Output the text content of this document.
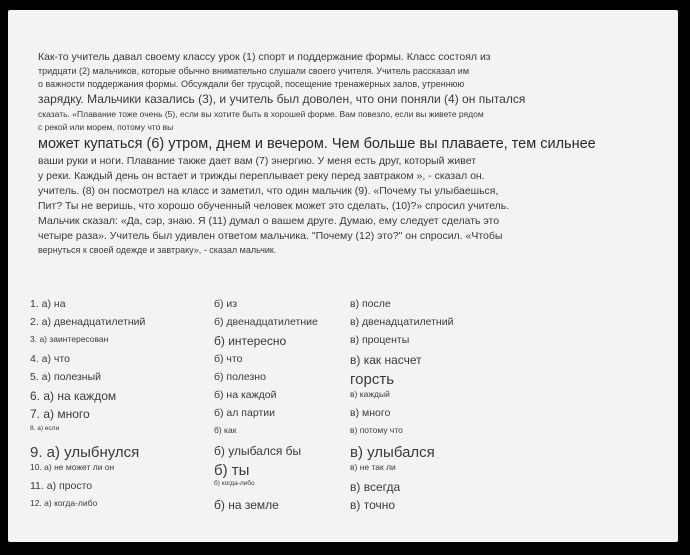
Как-то учитель давал своему классу урок (1) спорт и поддержание формы. Класс состоял из
тридцати (2) мальчиков, которые обычно внимательно слушали своего учителя. Учитель рассказал им
о важности поддержания формы. Обсуждали бег трусцой, посещение тренажерных залов, утреннюю
зарядку. Мальчики казались (3), и учитель был доволен, что они поняли (4) он пытался
сказать. «Плавание тоже очень (5), если вы хотите быть в хорошей форме. Вам повезло, если вы живете рядом
с рекой или морем, потому что вы
может купаться (6) утром, днем и вечером. Чем больше вы плаваете, тем сильнее
ваши руки и ноги. Плавание также дает вам (7) энергию. У меня есть друг, который живет
у реки. Каждый день он встает и трижды переплывает реку перед завтраком », - сказал он.
учитель. (8) он посмотрел на класс и заметил, что один мальчик (9). «Почему ты улыбаешься,
Пит? Ты не веришь, что хорошо обученный человек может это сделать, (10)?» спросил учитель.
Мальчик сказал: «Да, сэр, знаю. Я (11) думал о вашем друге. Думаю, ему следует сделать это
четыре раза». Учитель был удивлен ответом мальчика. "Почему (12) это?" он спросил. «Чтобы
вернуться к своей одежде и завтраку», - сказал мальчик.
1. а) на	б) из	в) после
2. а) двенадцатилетний	б) двенадцатилетние	в) двенадцатилетний
3. а) заинтересован	б) интересно	в) проценты
4. а) что	б) что	в) как насчет
5. а) полезный	б) полезно	горсть
6. а) на каждом	б) на каждой	в) каждый
7. а) много	б) ал партии	в) много
8. а) если	б) как	в) потому что
9. а) улыбнулся	б) улыбался бы	в) улыбался
10. а) не может ли он	б) ты	в) не так ли
11. а) просто	б) когда-либо	в) всегда
12. а) когда-либо	б) на земле	в) точно
